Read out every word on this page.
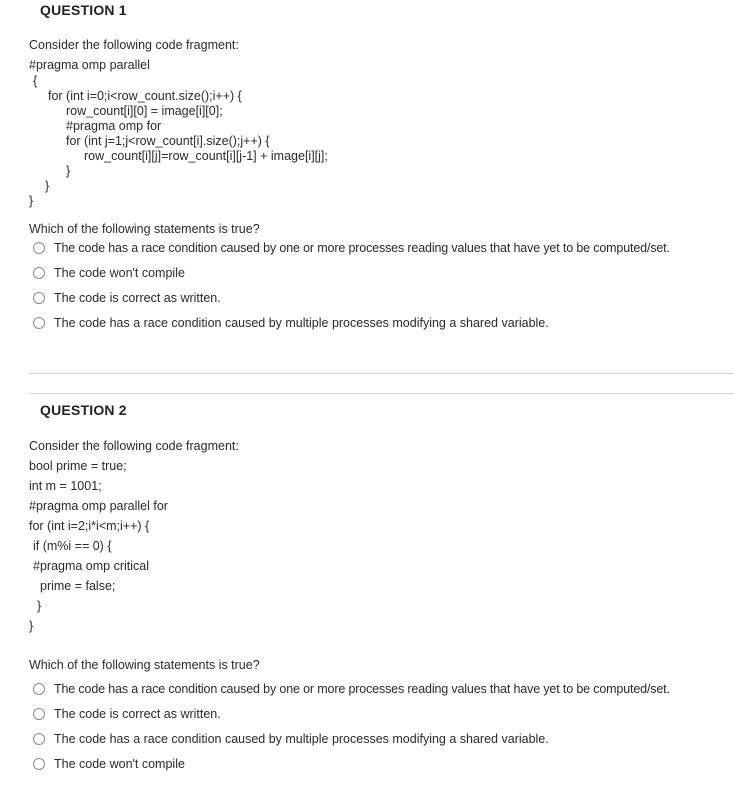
QUESTION 1
Consider the following code fragment:
#pragma omp parallel
{
for (int i=0;i<row_count.size();i++) {
row_count[i][0] = image[i][0];
#pragma omp for
for (int j=1;j<row_count[i].size();j++) {
row_count[i][j]=row_count[i][j-1] + image[i][j];
}
}
}
Which of the following statements is true?
The code has a race condition caused by one or more processes reading values that have yet to be computed/set.
The code won't compile
The code is correct as written.
The code has a race condition caused by multiple processes modifying a shared variable.
QUESTION 2
Consider the following code fragment:
bool prime = true;
int m = 1001;
#pragma omp parallel for
for (int i=2;i*i<m;i++) {
if (m%i == 0) {
#pragma omp critical
prime = false;
}
}
Which of the following statements is true?
The code has a race condition caused by one or more processes reading values that have yet to be computed/set.
The code is correct as written.
The code has a race condition caused by multiple processes modifying a shared variable.
The code won't compile
